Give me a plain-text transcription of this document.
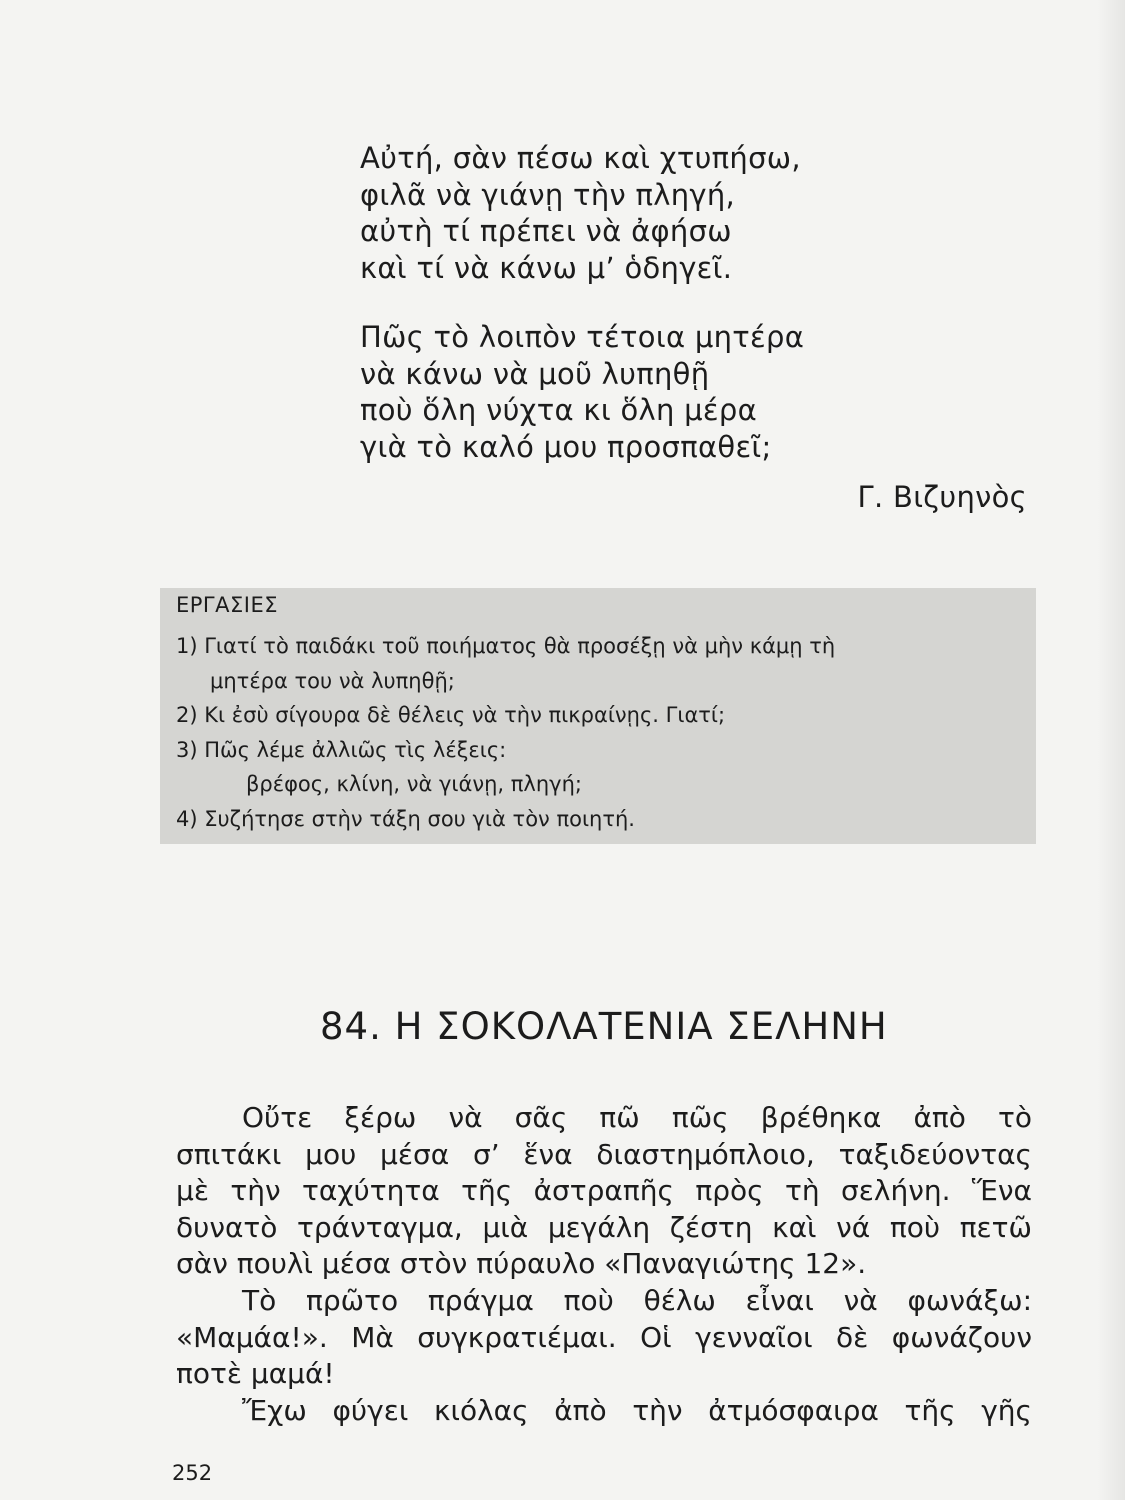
Αὐτή, σὰν πέσω καὶ χτυπήσω,
φιλᾶ νὰ γιάνῃ τὴν πληγή,
αὐτὴ τί πρέπει νὰ ἀφήσω
καὶ τί νὰ κάνω μ’ ὁδηγεῖ.
Πῶς τὸ λοιπὸν τέτοια μητέρα
νὰ κάνω νὰ μοῦ λυπηθῇ
ποὺ ὅλη νύχτα κι ὅλη μέρα
γιὰ τὸ καλό μου προσπαθεῖ;
Γ. Βιζυηνὸς
ΕΡΓΑΣΙΕΣ
1) Γιατί τὸ παιδάκι τοῦ ποιήματος θὰ προσέξῃ νὰ μὴν κάμῃ τὴ
μητέρα του νὰ λυπηθῇ;
2) Κι ἐσὺ σίγουρα δὲ θέλεις νὰ τὴν πικραίνῃς. Γιατί;
3) Πῶς λέμε ἀλλιῶς τὶς λέξεις:
βρέφος, κλίνη, νὰ γιάνῃ, πληγή;
4) Συζήτησε στὴν τάξη σου γιὰ τὸν ποιητή.
84. Η ΣΟΚΟΛΑΤΕΝΙΑ ΣΕΛΗΝΗ
Οὔτε ξέρω νὰ σᾶς πῶ πῶς βρέθηκα ἀπὸ τὸ
σπιτάκι μου μέσα σ’ ἕνα διαστημόπλοιο, ταξιδεύοντας
μὲ τὴν ταχύτητα τῆς ἀστραπῆς πρὸς τὴ σελήνη. Ἕνα
δυνατὸ τράνταγμα, μιὰ μεγάλη ζέστη καὶ νά ποὺ πετῶ
σὰν πουλὶ μέσα στὸν πύραυλο «Παναγιώτης 12».
Τὸ πρῶτο πράγμα ποὺ θέλω εἶναι νὰ φωνάξω:
«Μαμάα!». Μὰ συγκρατιέμαι. Οἱ γενναῖοι δὲ φωνάζουν
ποτὲ μαμά!
Ἔχω φύγει κιόλας ἀπὸ τὴν ἀτμόσφαιρα τῆς γῆς
252
